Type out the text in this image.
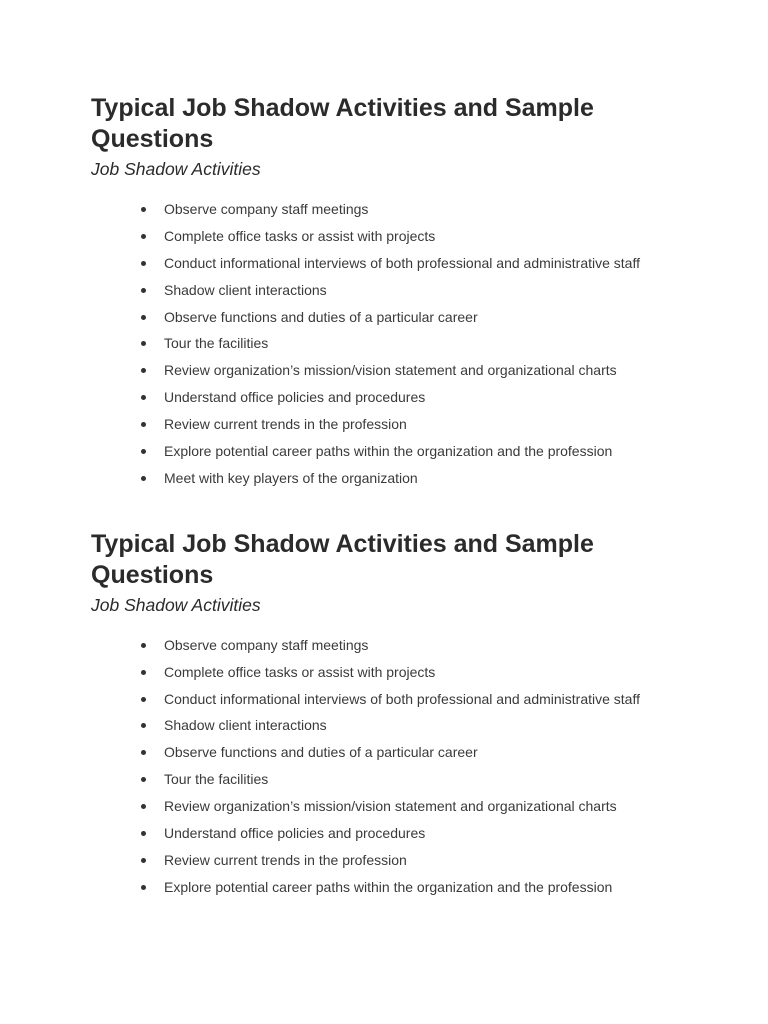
Typical Job Shadow Activities and Sample Questions
Job Shadow Activities
Observe company staff meetings
Complete office tasks or assist with projects
Conduct informational interviews of both professional and administrative staff
Shadow client interactions
Observe functions and duties of a particular career
Tour the facilities
Review organization’s mission/vision statement and organizational charts
Understand office policies and procedures
Review current trends in the profession
Explore potential career paths within the organization and the profession
Meet with key players of the organization
Typical Job Shadow Activities and Sample Questions
Job Shadow Activities
Observe company staff meetings
Complete office tasks or assist with projects
Conduct informational interviews of both professional and administrative staff
Shadow client interactions
Observe functions and duties of a particular career
Tour the facilities
Review organization’s mission/vision statement and organizational charts
Understand office policies and procedures
Review current trends in the profession
Explore potential career paths within the organization and the profession
